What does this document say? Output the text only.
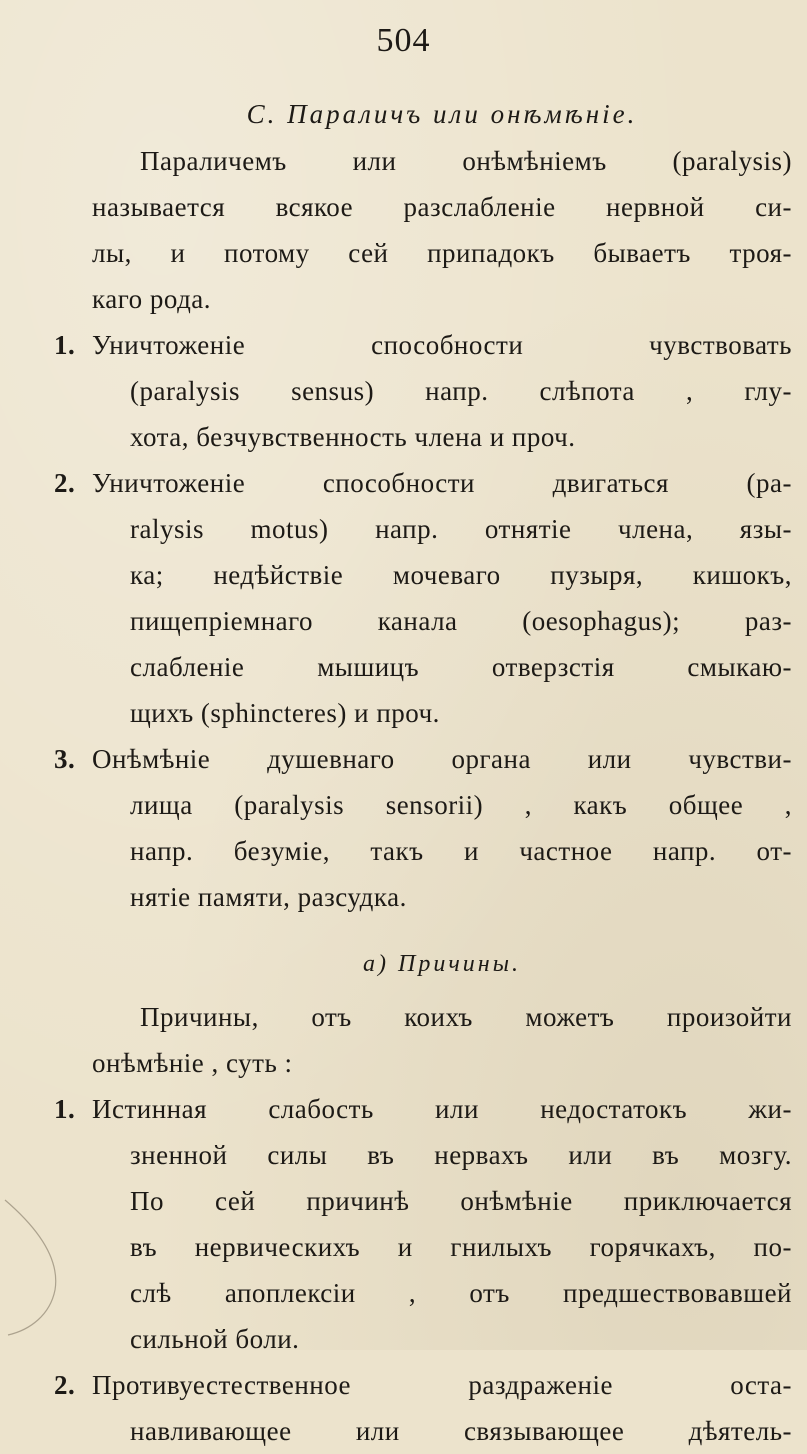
504
C. Параличъ или онѣмѣніе.
Параличемъ или онѣмѣніемъ (paralysis)
называется всякое разслабленіе нервной си-
лы, и потому сей припадокъ бываетъ троя-
каго рода.
1. Уничтоженіе способности чувствовать
(paralysis sensus) напр. слѣпота , глу-
хота, безчувственность члена и проч.
2. Уничтоженіе способности двигаться (pa-
ralysis motus) напр. отнятіе члена, язы-
ка; недѣйствіе мочеваго пузыря, кишокъ,
пищепріемнаго канала (oesophagus); раз-
слабленіе мышицъ отверзстія смыкаю-
щихъ (sphincteres) и проч.
3. Онѣмѣніе душевнаго органа или чувстви-
лища (paralysis sensorii) , какъ общее ,
напр. безуміе, такъ и частное напр. от-
нятіе памяти, разсудка.
a) Причины.
Причины, отъ коихъ можетъ произойти
онѣмѣніе , суть :
1. Истинная слабость или недостатокъ жи-
зненной силы въ нервахъ или въ мозгу.
По сей причинѣ онѣмѣніе приключается
въ нервическихъ и гнилыхъ горячкахъ, по-
слѣ апоплексіи , отъ предшествовавшей
сильной боли.
2. Противуестественное раздраженіе оста-
навливающее или связывающее дѣятель-
